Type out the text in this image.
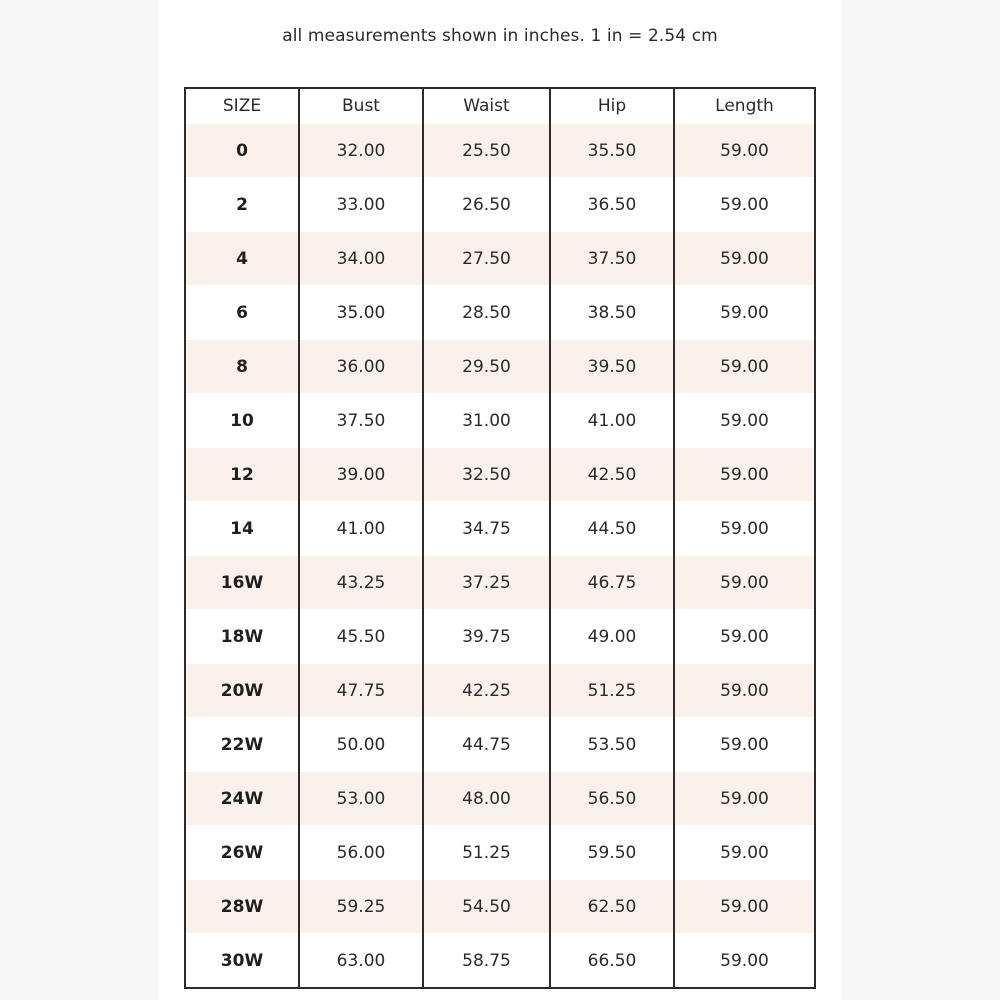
all measurements shown in inches. 1 in = 2.54 cm
SIZE	Bust	Waist	Hip	Length
0	32.00	25.50	35.50	59.00
2	33.00	26.50	36.50	59.00
4	34.00	27.50	37.50	59.00
6	35.00	28.50	38.50	59.00
8	36.00	29.50	39.50	59.00
10	37.50	31.00	41.00	59.00
12	39.00	32.50	42.50	59.00
14	41.00	34.75	44.50	59.00
16W	43.25	37.25	46.75	59.00
18W	45.50	39.75	49.00	59.00
20W	47.75	42.25	51.25	59.00
22W	50.00	44.75	53.50	59.00
24W	53.00	48.00	56.50	59.00
26W	56.00	51.25	59.50	59.00
28W	59.25	54.50	62.50	59.00
30W	63.00	58.75	66.50	59.00
